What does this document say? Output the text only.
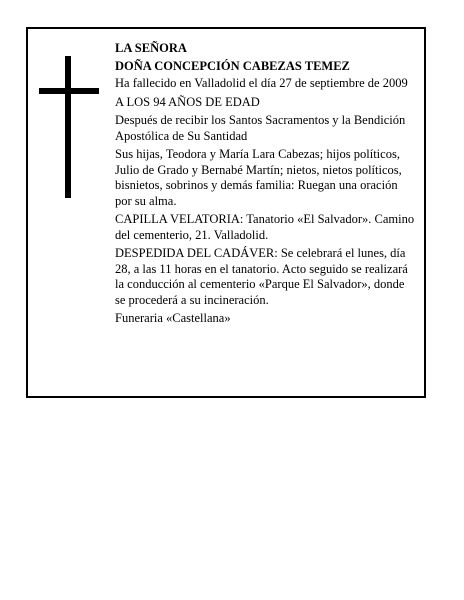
LA SEÑORA

DOÑA CONCEPCIÓN CABEZAS TEMEZ

Ha fallecido en Valladolid el día 27 de septiembre de 2009

A LOS 94 AÑOS DE EDAD

Después de recibir los Santos Sacramentos y la Bendición Apostólica de Su Santidad

Sus hijas, Teodora y María Lara Cabezas; hijos políticos, Julio de Grado y Bernabé Martín; nietos, nietos políticos, bisnietos, sobrinos y demás familia: Ruegan una oración por su alma.

CAPILLA VELATORIA: Tanatorio «El Salvador». Camino del cementerio, 21. Valladolid.

DESPEDIDA DEL CADÁVER: Se celebrará el lunes, día 28, a las 11 horas en el tanatorio. Acto seguido se realizará la conducción al cementerio «Parque El Salvador», donde se procederá a su incineración.

Funeraria «Castellana»
